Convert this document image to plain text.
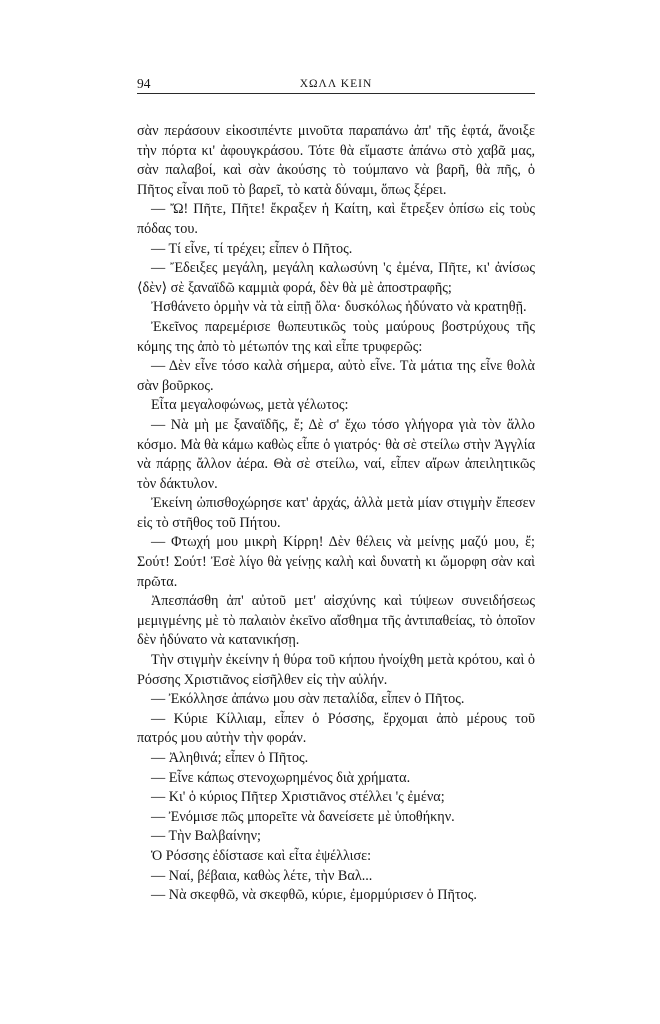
94	ΧΩΛΛ ΚΕΙΝ

σὰν περάσουν εἰκοσιπέντε μινοῦτα παραπάνω ἀπ' τῆς ἑφτά, ἄνοιξε τὴν πόρτα κι' ἀφουγκράσου. Τότε θὰ εἴμαστε ἀπάνω στὸ χαβᾶ μας, σὰν παλαβοί, καὶ σὰν ἀκούσης τὸ τούμπανο νὰ βαρῆ, θὰ πῆς, ὁ Πῆτος εἶναι ποῦ τὸ βαρεῖ, τὸ κατὰ δύναμι, ὅπως ξέρει.

— Ὤ! Πῆτε, Πῆτε! ἔκραξεν ἡ Καίτη, καὶ ἔτρεξεν ὀπίσω εἰς τοὺς πόδας του.

— Τί εἶνε, τί τρέχει; εἶπεν ὁ Πῆτος.

— Ἔδειξες μεγάλη, μεγάλη καλωσύνη 'ς ἐμένα, Πῆτε, κι' ἀνίσως ⟨δὲν⟩ σὲ ξαναϊδῶ καμμιὰ φορά, δὲν θὰ μὲ ἀποστραφῆς;

Ἠσθάνετο ὁρμὴν νὰ τὰ εἰπῇ ὅλα· δυσκόλως ἠδύνατο νὰ κρατηθῇ.

Ἐκεῖνος παρεμέρισε θωπευτικῶς τοὺς μαύρους βοστρύχους τῆς κόμης της ἀπὸ τὸ μέτωπόν της καὶ εἶπε τρυφερῶς:

— Δὲν εἶνε τόσο καλὰ σήμερα, αὐτὸ εἶνε. Τὰ μάτια της εἶνε θολὰ σὰν βοῦρκος.

Εἶτα μεγαλοφώνως, μετὰ γέλωτος:

— Νὰ μὴ με ξαναϊδῆς, ἔ; Δὲ σ' ἔχω τόσο γλήγορα γιὰ τὸν ἄλλο κόσμο. Μὰ θὰ κάμω καθὼς εἶπε ὁ γιατρός· θὰ σὲ στείλω στὴν Ἀγγλία νὰ πάρῃς ἄλλον ἀέρα. Θὰ σὲ στείλω, ναί, εἶπεν αἴρων ἀπειλητικῶς τὸν δάκτυλον.

Ἐκείνη ὠπισθοχώρησε κατ' ἀρχάς, ἀλλὰ μετὰ μίαν στιγμὴν ἔπεσεν εἰς τὸ στῆθος τοῦ Πήτου.

— Φτωχή μου μικρὴ Κίρρη! Δὲν θέλεις νὰ μείνῃς μαζύ μου, ἔ; Σούτ! Σούτ! Ἐσὲ λίγο θὰ γείνῃς καλὴ καὶ δυνατὴ κι ὤμορφη σὰν καὶ πρῶτα.

Ἀπεσπάσθη ἀπ' αὐτοῦ μετ' αἰσχύνης καὶ τύψεων συνειδήσεως μεμιγμένης μὲ τὸ παλαιὸν ἐκεῖνο αἴσθημα τῆς ἀντιπαθείας, τὸ ὁποῖον δὲν ἠδύνατο νὰ κατανικήσῃ.

Τὴν στιγμὴν ἐκείνην ἡ θύρα τοῦ κήπου ἠνοίχθη μετὰ κρότου, καὶ ὁ Ρόσσης Χριστιᾶνος εἰσῆλθεν εἰς τὴν αὐλήν.

— Ἐκόλλησε ἀπάνω μου σὰν πεταλίδα, εἶπεν ὁ Πῆτος.

— Κύριε Κίλλιαμ, εἶπεν ὁ Ρόσσης, ἔρχομαι ἀπὸ μέρους τοῦ πατρός μου αὐτὴν τὴν φοράν.

— Ἀληθινά; εἶπεν ὁ Πῆτος.

— Εἶνε κάπως στενοχωρημένος διὰ χρήματα.

— Κι' ὁ κύριος Πῆτερ Χριστιᾶνος στέλλει 'ς ἐμένα;

— Ἐνόμισε πῶς μπορεῖτε νὰ δανείσετε μὲ ὑποθήκην.

— Τὴν Βαλβαίνην;

Ὁ Ρόσσης ἐδίστασε καὶ εἶτα ἐψέλλισε:

— Ναί, βέβαια, καθὼς λέτε, τὴν Βαλ...

— Νὰ σκεφθῶ, νὰ σκεφθῶ, κύριε, ἐμορμύρισεν ὁ Πῆτος.
